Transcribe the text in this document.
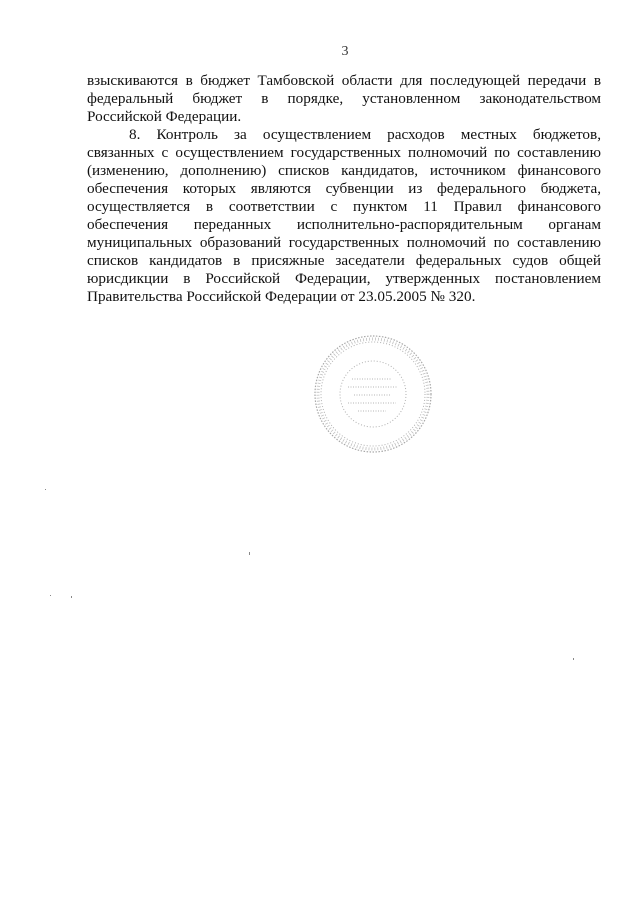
3

взыскиваются в бюджет Тамбовской области для последующей передачи в
федеральный бюджет в порядке, установленном законодательством
Российской Федерации.

8. Контроль за осуществлением расходов местных бюджетов,
связанных с осуществлением государственных полномочий по составлению
(изменению, дополнению) списков кандидатов, источником финансового
обеспечения которых являются субвенции из федерального бюджета,
осуществляется в соответствии с пунктом 11 Правил финансового
обеспечения переданных исполнительно-распорядительным органам
муниципальных образований государственных полномочий по составлению
списков кандидатов в присяжные заседатели федеральных судов общей
юрисдикции в Российской Федерации, утвержденных постановлением
Правительства Российской Федерации от 23.05.2005 № 320.
